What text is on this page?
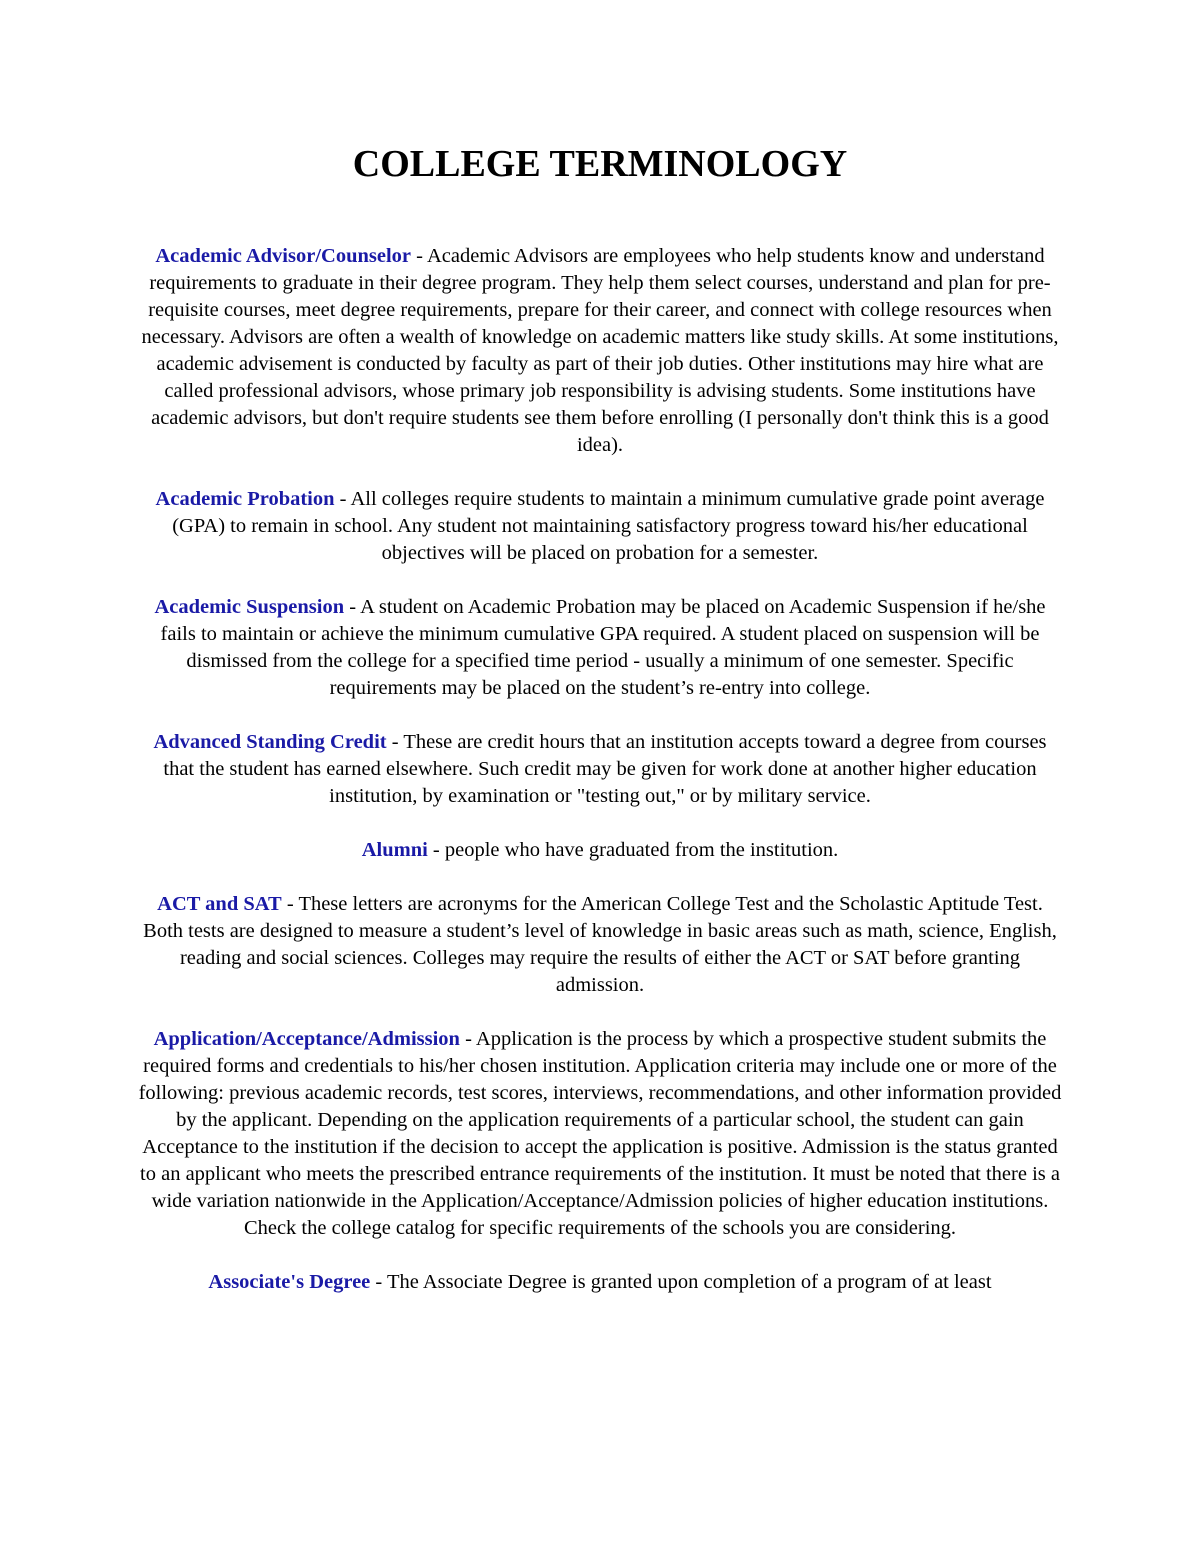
COLLEGE TERMINOLOGY

Academic Advisor/Counselor - Academic Advisors are employees who help students know and understand requirements to graduate in their degree program. They help them select courses, understand and plan for pre-requisite courses, meet degree requirements, prepare for their career, and connect with college resources when necessary. Advisors are often a wealth of knowledge on academic matters like study skills. At some institutions, academic advisement is conducted by faculty as part of their job duties. Other institutions may hire what are called professional advisors, whose primary job responsibility is advising students. Some institutions have academic advisors, but don't require students see them before enrolling (I personally don't think this is a good idea).

Academic Probation - All colleges require students to maintain a minimum cumulative grade point average (GPA) to remain in school. Any student not maintaining satisfactory progress toward his/her educational objectives will be placed on probation for a semester.

Academic Suspension - A student on Academic Probation may be placed on Academic Suspension if he/she fails to maintain or achieve the minimum cumulative GPA required. A student placed on suspension will be dismissed from the college for a specified time period - usually a minimum of one semester. Specific requirements may be placed on the student’s re-entry into college.

Advanced Standing Credit - These are credit hours that an institution accepts toward a degree from courses that the student has earned elsewhere. Such credit may be given for work done at another higher education institution, by examination or "testing out," or by military service.

Alumni - people who have graduated from the institution.

ACT and SAT - These letters are acronyms for the American College Test and the Scholastic Aptitude Test. Both tests are designed to measure a student’s level of knowledge in basic areas such as math, science, English, reading and social sciences. Colleges may require the results of either the ACT or SAT before granting admission.

Application/Acceptance/Admission - Application is the process by which a prospective student submits the required forms and credentials to his/her chosen institution. Application criteria may include one or more of the following: previous academic records, test scores, interviews, recommendations, and other information provided by the applicant. Depending on the application requirements of a particular school, the student can gain Acceptance to the institution if the decision to accept the application is positive. Admission is the status granted to an applicant who meets the prescribed entrance requirements of the institution. It must be noted that there is a wide variation nationwide in the Application/Acceptance/Admission policies of higher education institutions. Check the college catalog for specific requirements of the schools you are considering.

Associate's Degree - The Associate Degree is granted upon completion of a program of at least
